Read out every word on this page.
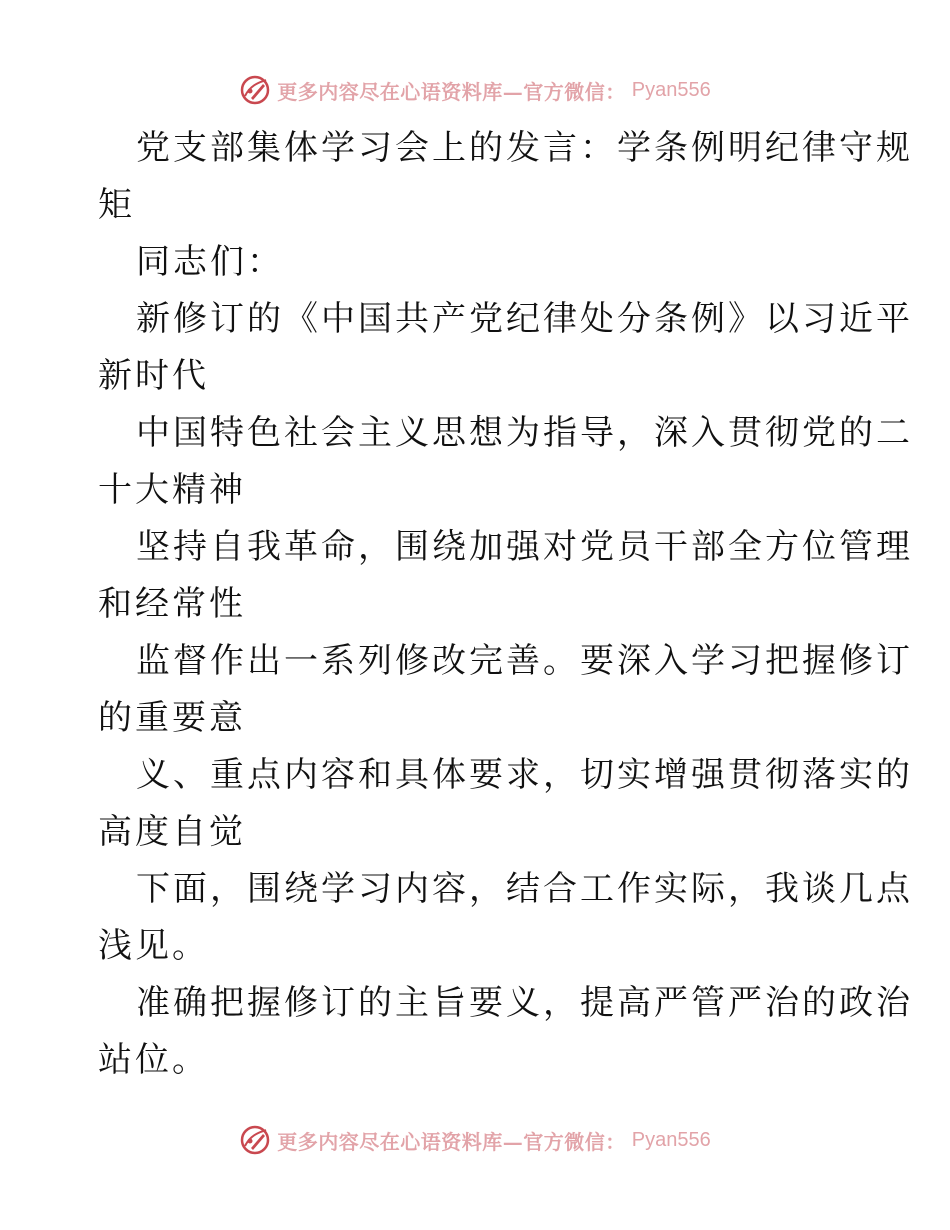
更多内容尽在心语资料库—官方微信： Pyan556
党支部集体学习会上的发言：学条例明纪律守规
矩
同志们：
新修订的《中国共产党纪律处分条例》以习近平
新时代
中国特色社会主义思想为指导，深入贯彻党的二
十大精神
坚持自我革命，围绕加强对党员干部全方位管理
和经常性
监督作出一系列修改完善。要深入学习把握修订
的重要意
义、重点内容和具体要求，切实增强贯彻落实的
高度自觉
下面，围绕学习内容，结合工作实际，我谈几点
浅见。
准确把握修订的主旨要义，提高严管严治的政治
站位。
更多内容尽在心语资料库—官方微信： Pyan556
